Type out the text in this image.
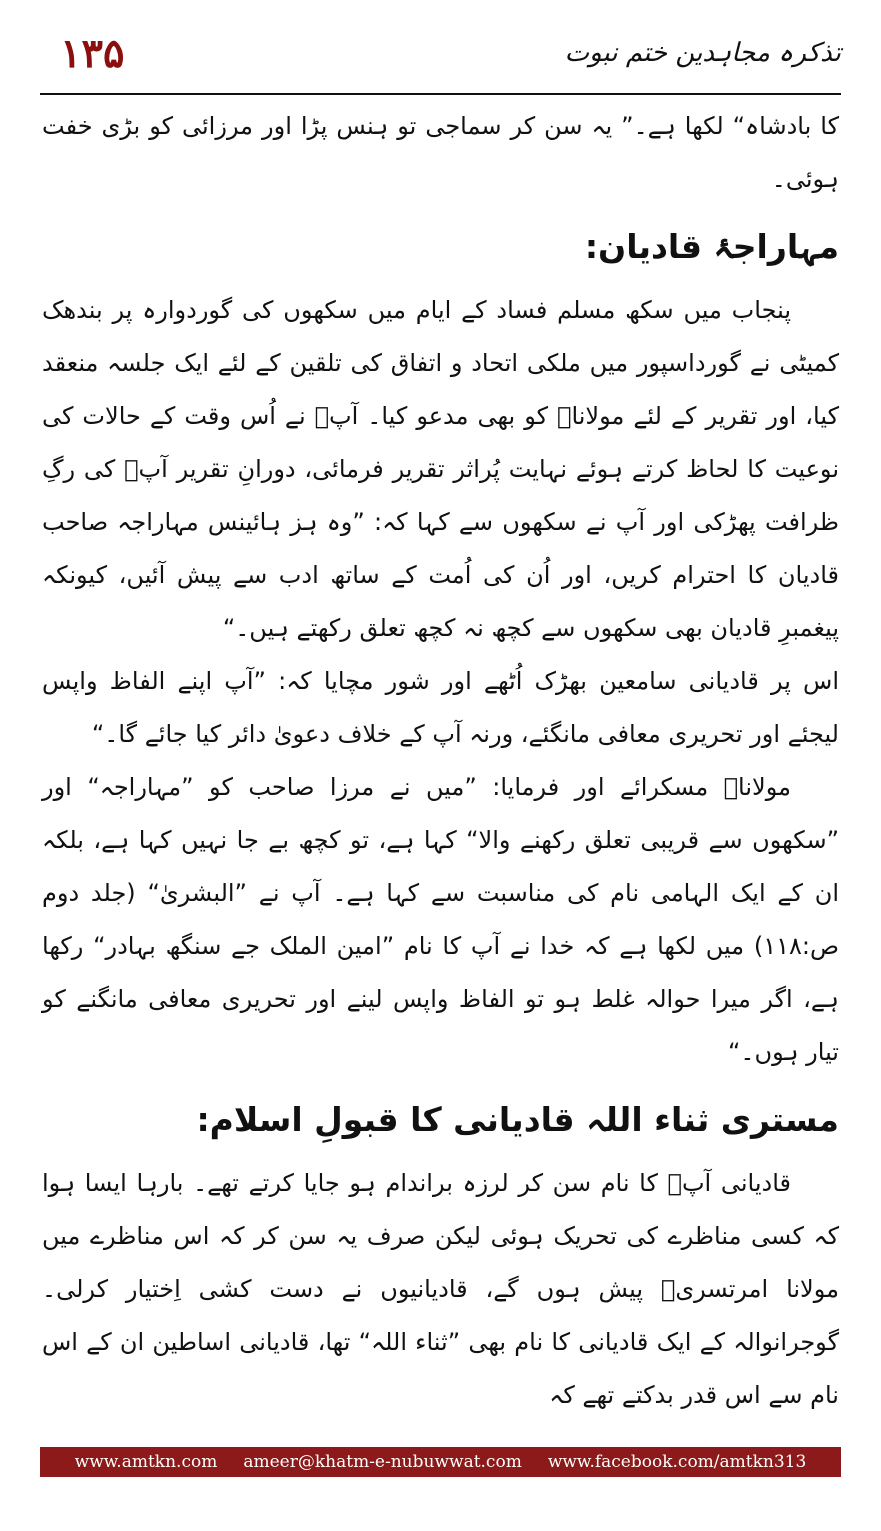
۱۳۵	تذکرہ مجاہدین ختم نبوت

کا بادشاہ“ لکھا ہے۔” یہ سن کر سماجی تو ہنس پڑا اور مرزائی کو بڑی خفت ہوئی۔

مہاراجۂ قادیان:

پنجاب میں سکھ مسلم فساد کے ایام میں سکھوں کی گوردوارہ پر بندھک کمیٹی نے گورداسپور میں ملکی اتحاد و اتفاق کی تلقین کے لئے ایک جلسہ منعقد کیا، اور تقریر کے لئے مولاناؒ کو بھی مدعو کیا۔ آپؒ نے اُس وقت کے حالات کی نوعیت کا لحاظ کرتے ہوئے نہایت پُراثر تقریر فرمائی، دورانِ تقریر آپؒ کی رگِ ظرافت پھڑکی اور آپ نے سکھوں سے کہا کہ: ”وہ ہز ہائینس مہاراجہ صاحب قادیان کا احترام کریں، اور اُن کی اُمت کے ساتھ ادب سے پیش آئیں، کیونکہ پیغمبرِ قادیان بھی سکھوں سے کچھ نہ کچھ تعلق رکھتے ہیں۔“

اس پر قادیانی سامعین بھڑک اُٹھے اور شور مچایا کہ: ”آپ اپنے الفاظ واپس لیجئے اور تحریری معافی مانگئے، ورنہ آپ کے خلاف دعویٰ دائر کیا جائے گا۔“

مولاناؒ مسکرائے اور فرمایا: ”میں نے مرزا صاحب کو ”مہاراجہ“ اور ”سکھوں سے قریبی تعلق رکھنے والا“ کہا ہے، تو کچھ بے جا نہیں کہا ہے، بلکہ ان کے ایک الہامی نام کی مناسبت سے کہا ہے۔ آپ نے ”البشریٰ“ (جلد دوم ص:۱۱۸) میں لکھا ہے کہ خدا نے آپ کا نام ”امین الملک جے سنگھ بہادر“ رکھا ہے، اگر میرا حوالہ غلط ہو تو الفاظ واپس لینے اور تحریری معافی مانگنے کو تیار ہوں۔“

مستری ثناء اللہ قادیانی کا قبولِ اسلام:

قادیانی آپؒ کا نام سن کر لرزہ براندام ہو جایا کرتے تھے۔ بارہا ایسا ہوا کہ کسی مناظرے کی تحریک ہوئی لیکن صرف یہ سن کر کہ اس مناظرے میں مولانا امرتسریؒ پیش ہوں گے، قادیانیوں نے دست کشی اِختیار کرلی۔ گوجرانوالہ کے ایک قادیانی کا نام بھی ”ثناء اللہ“ تھا، قادیانی اساطین ان کے اس نام سے اس قدر بدکتے تھے کہ

www.amtkn.com ameer@khatm-e-nubuwwat.com www.facebook.com/amtkn313
